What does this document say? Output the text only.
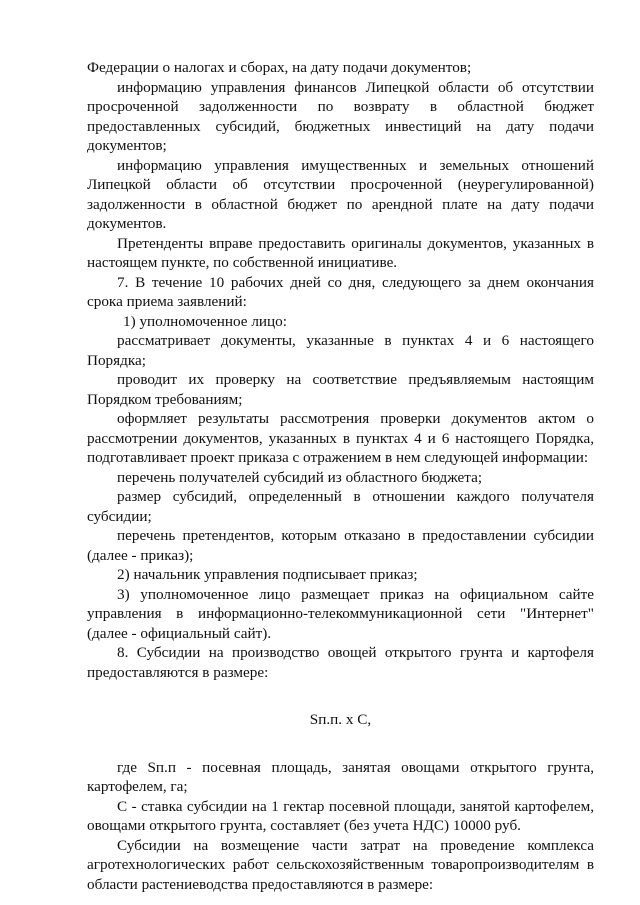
Федерации о налогах и сборах, на дату подачи документов;

информацию управления финансов Липецкой области об отсутствии просроченной задолженности по возврату в областной бюджет предоставленных субсидий, бюджетных инвестиций на дату подачи документов;

информацию управления имущественных и земельных отношений Липецкой области об отсутствии просроченной (неурегулированной) задолженности в областной бюджет по арендной плате на дату подачи документов.

Претенденты вправе предоставить оригиналы документов, указанных в настоящем пункте, по собственной инициативе.

7. В течение 10 рабочих дней со дня, следующего за днем окончания срока приема заявлений:

1) уполномоченное лицо:

рассматривает документы, указанные в пунктах 4 и 6 настоящего Порядка;

проводит их проверку на соответствие предъявляемым настоящим Порядком требованиям;

оформляет результаты рассмотрения проверки документов актом о рассмотрении документов, указанных в пунктах 4 и 6 настоящего Порядка, подготавливает проект приказа с отражением в нем следующей информации:

перечень получателей субсидий из областного бюджета;

размер субсидий, определенный в отношении каждого получателя субсидии;

перечень претендентов, которым отказано в предоставлении субсидии (далее - приказ);

2) начальник управления подписывает приказ;

3) уполномоченное лицо размещает приказ на официальном сайте управления в информационно-телекоммуникационной сети "Интернет" (далее - официальный сайт).

8. Субсидии на производство овощей открытого грунта и картофеля предоставляются в размере:

Sп.п. x C,

где Sп.п - посевная площадь, занятая овощами открытого грунта, картофелем, га;

C - ставка субсидии на 1 гектар посевной площади, занятой картофелем, овощами открытого грунта, составляет (без учета НДС) 10000 руб.

Субсидии на возмещение части затрат на проведение комплекса агротехнологических работ сельскохозяйственным товаропроизводителям в области растениеводства предоставляются в размере:
